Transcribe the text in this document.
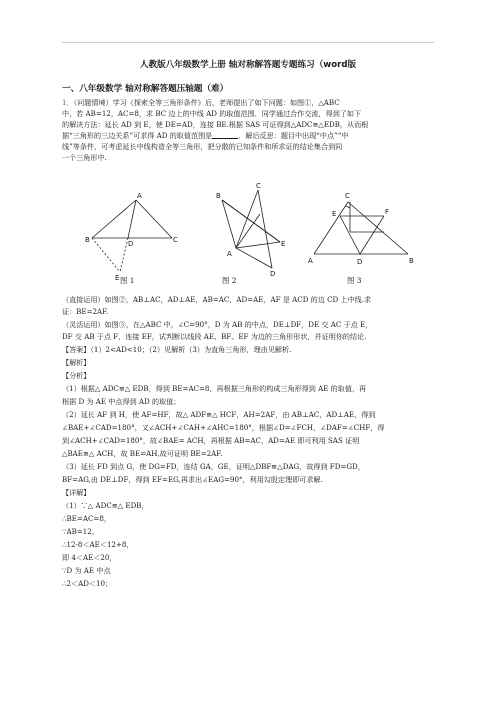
人教版八年级数学上册 轴对称解答题专题练习（word版
一、八年级数学 轴对称解答题压轴题（难）
1．（问题情境）学习《探索全等三角形条件》后，老师提出了如下问题：如图①，△ABC
中，若 AB=12，AC=8，求 BC 边上的中线 AD 的取值范围．同学通过合作交流，得到了如下
的解决方法：延长 AD 到 E，使 DE=AD，连接 BE.根据 SAS 可证得到△ADC≌△EDB，从而根
据“三角形的三边关系”可求得 AD 的取值范围是	．解后反思：题目中出现“中点”“中
线”等条件，可考虑延长中线构造全等三角形，把分散的已知条件和所求证的结论集合到同
一个三角形中.
A
B	D	C
E
B
A
E
C
D
C
E	F
A	D	B
图 1	图 2	图 3
（直接运用）如图②，AB⊥AC，AD⊥AE，AB=AC，AD=AE，AF 是 ACD 的边 CD 上中线.求
证：BE=2AF.
（灵活运用）如图③，在△ABC 中，∠C=90°，D 为 AB 的中点，DE⊥DF，DE 交 AC 于点 E，
DF 交 AB 于点 F，连接 EF，试判断以线段 AE、BF、EF 为边的三角形形状，并证明你的结论.
【答案】（1）2<AD<10；（2）见解析（3）为直角三角形，理由见解析.
【解析】
【分析】
（1）根据△ ADC≌△ EDB，得到 BE=AC=8，再根据三角形的构成三角形得到 AE 的取值，再
根据 D 为 AE 中点得到 AD 的取值；
（2）延长 AF 到 H，使 AF=HF，故△ ADF≌△ HCF，AH=2AF，由 AB⊥AC，AD⊥AE，得到
∠BAE+∠CAD=180°，又∠ACH+∠CAH+∠AHC=180°，根据∠D=∠FCH，∠DAF=∠CHF，得
到∠ACH+∠CAD=180°，故∠BAE= ACH，再根据 AB=AC，AD=AE 即可利用 SAS 证明
△BAE≌△ ACH，故 BE=AH,故可证明 BE=2AF.
（3）延长 FD 到点 G，使 DG=FD，连结 GA，GE，证明△DBF≌△DAG，故得到 FD=GD，
BF=AG,由 DE⊥DF，得到 EF=EG,再求出∠EAG=90°，利用勾股定理即可求解.
【详解】
（1）∵△ ADC≌△ EDB，
∴BE=AC=8，
∵AB=12，
∴12-8＜AE＜12+8，
即 4＜AE＜20，
∵D 为 AE 中点
∴2＜AD＜10；
